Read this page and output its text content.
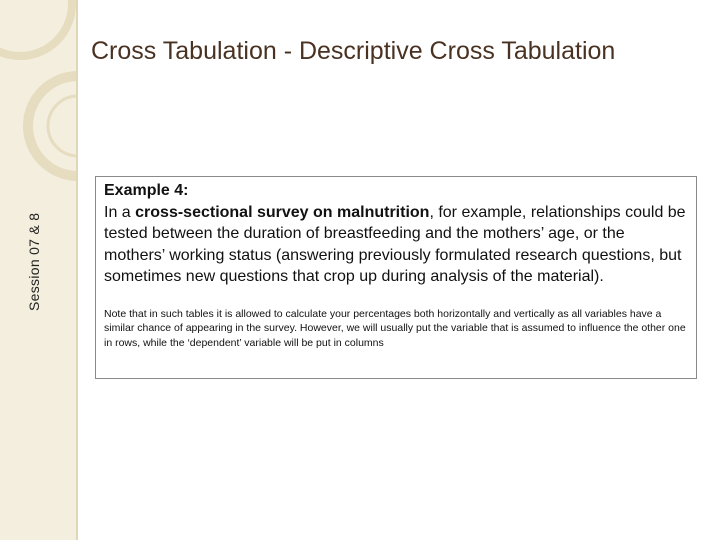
Session 07 & 8
Cross Tabulation - Descriptive Cross Tabulation
Example 4:

In a cross-sectional survey on malnutrition, for example, relationships could be tested between the duration of breastfeeding and the mothers’ age, or the mothers’ working status (answering previously formulated research questions, but sometimes new questions that crop up during analysis of the material).

Note that in such tables it is allowed to calculate your percentages both horizontally and vertically as all variables have a similar chance of appearing in the survey. However, we will usually put the variable that is assumed to influence the other one in rows, while the ‘dependent’ variable will be put in columns
